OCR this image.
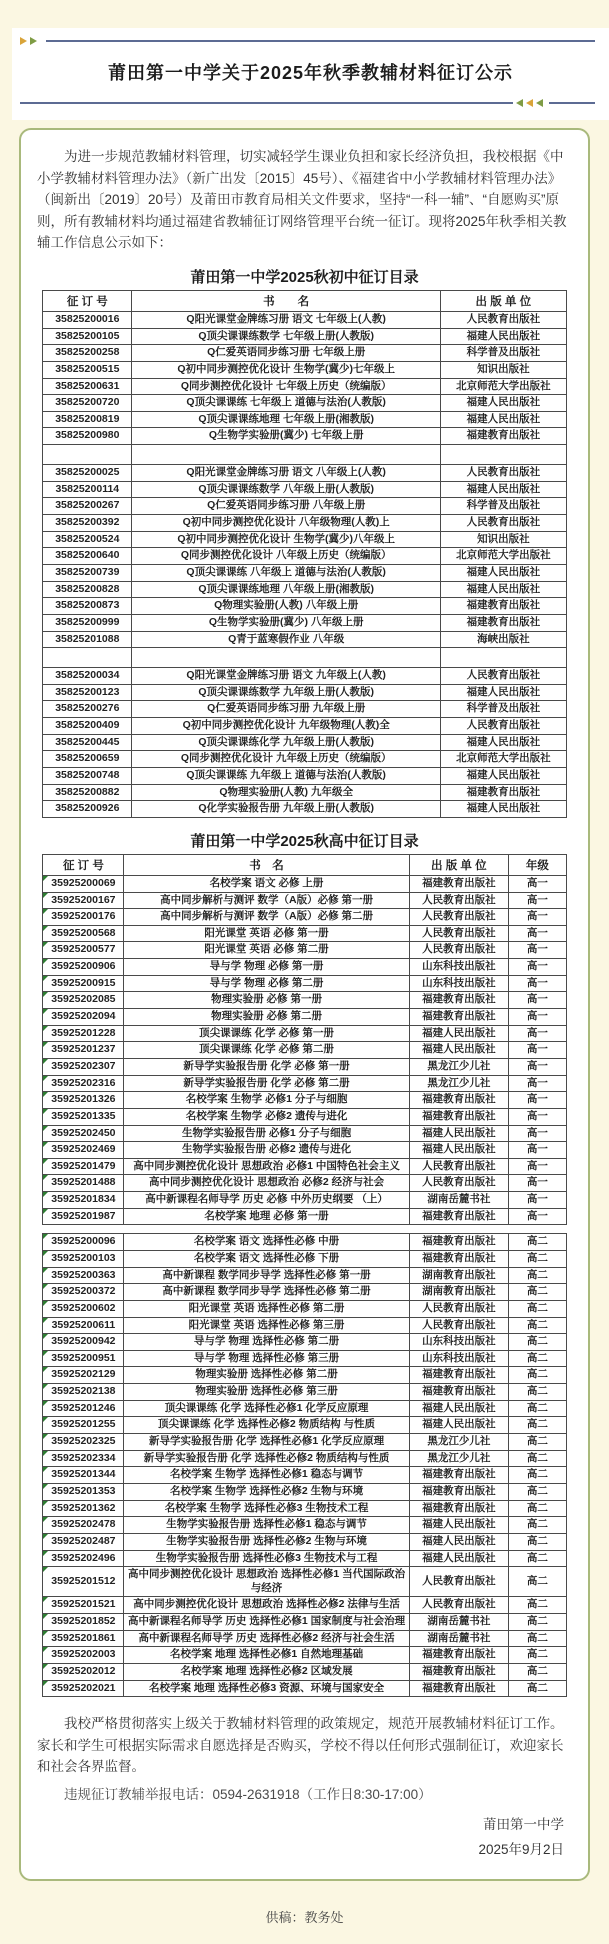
莆田第一中学关于2025年秋季教辅材料征订公示

为进一步规范教辅材料管理，切实减轻学生课业负担和家长经济负担，我校根据《中小学教辅材料管理办法》（新广出发〔2015〕45号）、《福建省中小学教辅材料管理办法》（闽新出〔2019〕20号）及莆田市教育局相关文件要求，坚持“一科一辅”、“自愿购买”原则，所有教辅材料均通过福建省教辅征订网络管理平台统一征订。现将2025年秋季相关教辅工作信息公示如下：

莆田第一中学2025秋初中征订目录
征 订 号	书　　名	出 版 单 位
35825200016	Q阳光课堂金牌练习册 语文 七年级上(人教)	人民教育出版社
35825200105	Q顶尖课课练数学 七年级上册(人教版)	福建人民出版社
35825200258	Q仁爱英语同步练习册 七年级上册	科学普及出版社
35825200515	Q初中同步测控优化设计 生物学(冀少)七年级上	知识出版社
35825200631	Q同步测控优化设计 七年级上历史（统编版）	北京师范大学出版社
35825200720	Q顶尖课课练 七年级上 道德与法治(人教版)	福建人民出版社
35825200819	Q顶尖课课练地理 七年级上册(湘教版)	福建人民出版社
35825200980	Q生物学实验册(冀少) 七年级上册	福建教育出版社

35825200025	Q阳光课堂金牌练习册 语文 八年级上(人教)	人民教育出版社
35825200114	Q顶尖课课练数学 八年级上册(人教版)	福建人民出版社
35825200267	Q仁爱英语同步练习册 八年级上册	科学普及出版社
35825200392	Q初中同步测控优化设计 八年级物理(人教)上	人民教育出版社
35825200524	Q初中同步测控优化设计 生物学(冀少)八年级上	知识出版社
35825200640	Q同步测控优化设计 八年级上历史（统编版）	北京师范大学出版社
35825200739	Q顶尖课课练 八年级上 道德与法治(人教版)	福建人民出版社
35825200828	Q顶尖课课练地理 八年级上册(湘教版)	福建人民出版社
35825200873	Q物理实验册(人教) 八年级上册	福建教育出版社
35825200999	Q生物学实验册(冀少) 八年级上册	福建教育出版社
35825201088	Q青于蓝寒假作业 八年级	海峡出版社

35825200034	Q阳光课堂金牌练习册 语文 九年级上(人教)	人民教育出版社
35825200123	Q顶尖课课练数学 九年级上册(人教版)	福建人民出版社
35825200276	Q仁爱英语同步练习册 九年级上册	科学普及出版社
35825200409	Q初中同步测控优化设计 九年级物理(人教)全	人民教育出版社
35825200445	Q顶尖课课练化学 九年级上册(人教版)	福建人民出版社
35825200659	Q同步测控优化设计 九年级上历史（统编版）	北京师范大学出版社
35825200748	Q顶尖课课练 九年级上 道德与法治(人教版)	福建人民出版社
35825200882	Q物理实验册(人教) 九年级全	福建教育出版社
35825200926	Q化学实验报告册 九年级上册(人教版)	福建人民出版社
莆田第一中学2025秋高中征订目录
征 订 号	书　名	出 版 单 位	年级

35925200069	名校学案 语文 必修 上册	福建教育出版社	高一

35925200167	高中同步解析与测评 数学（A版）必修 第一册	人民教育出版社	高一

35925200176	高中同步解析与测评 数学（A版）必修 第二册	人民教育出版社	高一

35925200568	阳光课堂 英语 必修 第一册	人民教育出版社	高一

35925200577	阳光课堂 英语 必修 第二册	人民教育出版社	高一

35925200906	导与学 物理 必修 第一册	山东科技出版社	高一

35925200915	导与学 物理 必修 第二册	山东科技出版社	高一

35925202085	物理实验册 必修 第一册	福建教育出版社	高一

35925202094	物理实验册 必修 第二册	福建教育出版社	高一

35925201228	顶尖课课练 化学 必修 第一册	福建人民出版社	高一

35925201237	顶尖课课练 化学 必修 第二册	福建人民出版社	高一

35925202307	新导学实验报告册 化学 必修 第一册	黑龙江少儿社	高一

35925202316	新导学实验报告册 化学 必修 第二册	黑龙江少儿社	高一

35925201326	名校学案 生物学 必修1 分子与细胞	福建教育出版社	高一

35925201335	名校学案 生物学 必修2 遗传与进化	福建教育出版社	高一

35925202450	生物学实验报告册 必修1 分子与细胞	福建人民出版社	高一

35925202469	生物学实验报告册 必修2 遗传与进化	福建人民出版社	高一

35925201479	高中同步测控优化设计 思想政治 必修1 中国特色社会主义	人民教育出版社	高一

35925201488	高中同步测控优化设计 思想政治 必修2 经济与社会	人民教育出版社	高一

35925201834	高中新课程名师导学 历史 必修 中外历史纲要 （上）	湖南岳麓书社	高一

35925201987	名校学案 地理 必修 第一册	福建教育出版社	高一
35925200096	名校学案 语文 选择性必修 中册	福建教育出版社	高二

35925200103	名校学案 语文 选择性必修 下册	福建教育出版社	高二

35925200363	高中新课程 数学同步导学 选择性必修 第一册	湖南教育出版社	高二

35925200372	高中新课程 数学同步导学 选择性必修 第二册	湖南教育出版社	高二

35925200602	阳光课堂 英语 选择性必修 第二册	人民教育出版社	高二

35925200611	阳光课堂 英语 选择性必修 第三册	人民教育出版社	高二

35925200942	导与学 物理 选择性必修 第二册	山东科技出版社	高二

35925200951	导与学 物理 选择性必修 第三册	山东科技出版社	高二

35925202129	物理实验册 选择性必修 第二册	福建教育出版社	高二

35925202138	物理实验册 选择性必修 第三册	福建教育出版社	高二

35925201246	顶尖课课练 化学 选择性必修1 化学反应原理	福建人民出版社	高二

35925201255	顶尖课课练 化学 选择性必修2 物质结构 与性质	福建人民出版社	高二

35925202325	新导学实验报告册 化学 选择性必修1 化学反应原理	黑龙江少儿社	高二

35925202334	新导学实验报告册 化学 选择性必修2 物质结构与性质	黑龙江少儿社	高二

35925201344	名校学案 生物学 选择性必修1 稳态与调节	福建教育出版社	高二

35925201353	名校学案 生物学 选择性必修2 生物与环境	福建教育出版社	高二

35925201362	名校学案 生物学 选择性必修3 生物技术工程	福建教育出版社	高二

35925202478	生物学实验报告册 选择性必修1 稳态与调节	福建人民出版社	高二

35925202487	生物学实验报告册 选择性必修2 生物与环境	福建人民出版社	高二

35925202496	生物学实验报告册 选择性必修3 生物技术与工程	福建人民出版社	高二

35925201512	高中同步测控优化设计 思想政治 选择性必修1 当代国际政治与经济	人民教育出版社	高二

35925201521	高中同步测控优化设计 思想政治 选择性必修2 法律与生活	人民教育出版社	高二

35925201852	高中新课程名师导学 历史 选择性必修1 国家制度与社会治理	湖南岳麓书社	高二

35925201861	高中新课程名师导学 历史 选择性必修2 经济与社会生活	湖南岳麓书社	高二

35925202003	名校学案 地理 选择性必修1 自然地理基础	福建教育出版社	高二

35925202012	名校学案 地理 选择性必修2 区域发展	福建教育出版社	高二

35925202021	名校学案 地理 选择性必修3 资源、环境与国家安全	福建教育出版社	高二

我校严格贯彻落实上级关于教辅材料管理的政策规定，规范开展教辅材料征订工作。家长和学生可根据实际需求自愿选择是否购买，学校不得以任何形式强制征订，欢迎家长和社会各界监督。

违规征订教辅举报电话：0594-2631918（工作日8:30-17:00）

莆田第一中学
2025年9月2日
供稿：教务处
